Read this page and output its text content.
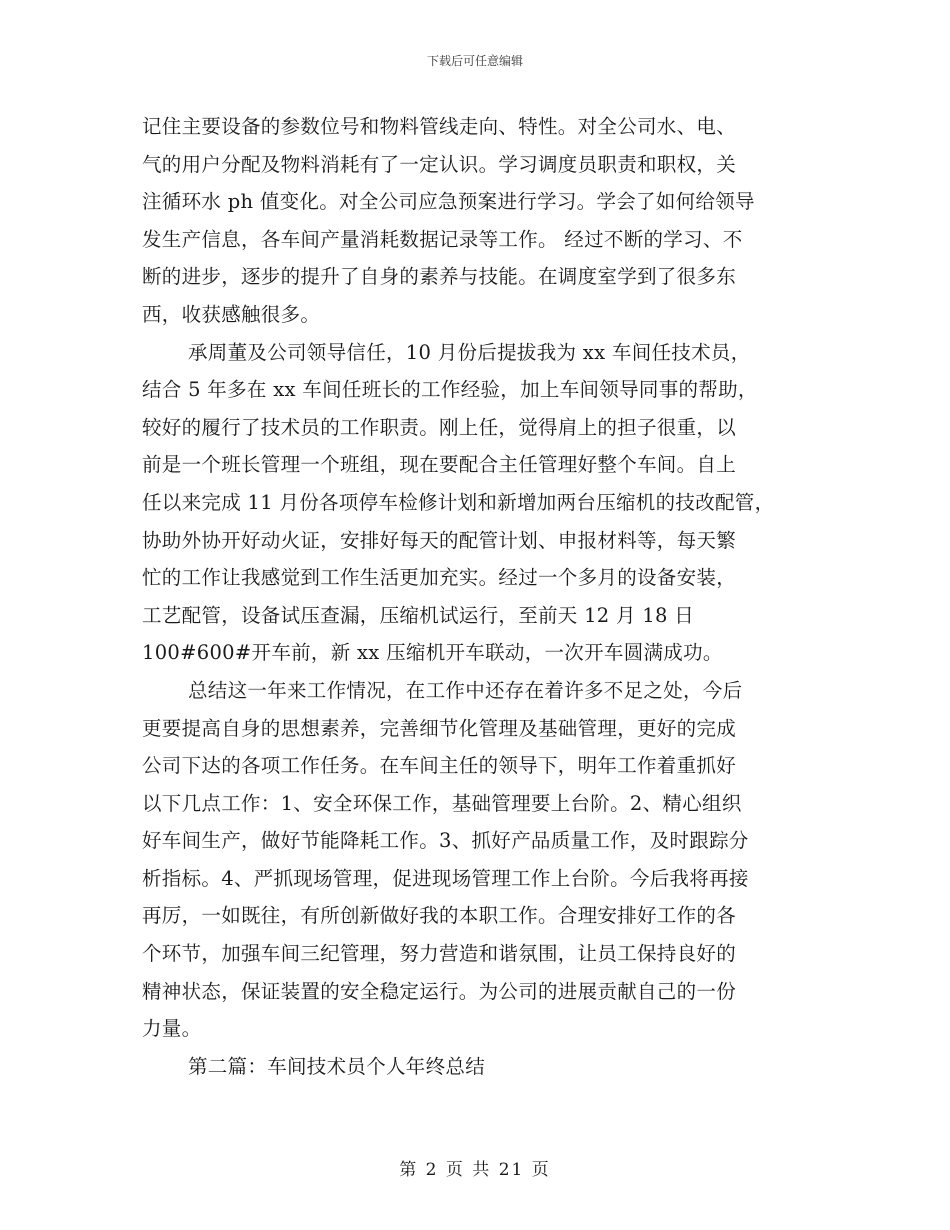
下载后可任意编辑
记住主要设备的参数位号和物料管线走向、特性。对全公司水、电、
气的用户分配及物料消耗有了一定认识。学习调度员职责和职权，关
注循环水 ph 值变化。对全公司应急预案进行学习。学会了如何给领导
发生产信息，各车间产量消耗数据记录等工作。 经过不断的学习、不
断的进步，逐步的提升了自身的素养与技能。在调度室学到了很多东
西，收获感触很多。
承周董及公司领导信任，10 月份后提拔我为 xx 车间任技术员，
结合 5 年多在 xx 车间任班长的工作经验，加上车间领导同事的帮助，
较好的履行了技术员的工作职责。刚上任，觉得肩上的担子很重，以
前是一个班长管理一个班组，现在要配合主任管理好整个车间。自上
任以来完成 11 月份各项停车检修计划和新增加两台压缩机的技改配管，
协助外协开好动火证，安排好每天的配管计划、申报材料等，每天繁
忙的工作让我感觉到工作生活更加充实。经过一个多月的设备安装，
工艺配管，设备试压查漏，压缩机试运行，至前天 12 月 18 日
100#600#开车前，新 xx 压缩机开车联动，一次开车圆满成功。
总结这一年来工作情况，在工作中还存在着许多不足之处，今后
更要提高自身的思想素养，完善细节化管理及基础管理，更好的完成
公司下达的各项工作任务。在车间主任的领导下，明年工作着重抓好
以下几点工作：1、安全环保工作，基础管理要上台阶。2、精心组织
好车间生产，做好节能降耗工作。3、抓好产品质量工作，及时跟踪分
析指标。4、严抓现场管理，促进现场管理工作上台阶。今后我将再接
再厉，一如既往，有所创新做好我的本职工作。合理安排好工作的各
个环节，加强车间三纪管理，努力营造和谐氛围，让员工保持良好的
精神状态，保证装置的安全稳定运行。为公司的进展贡献自己的一份
力量。
第二篇：车间技术员个人年终总结
第 2 页 共 21 页
